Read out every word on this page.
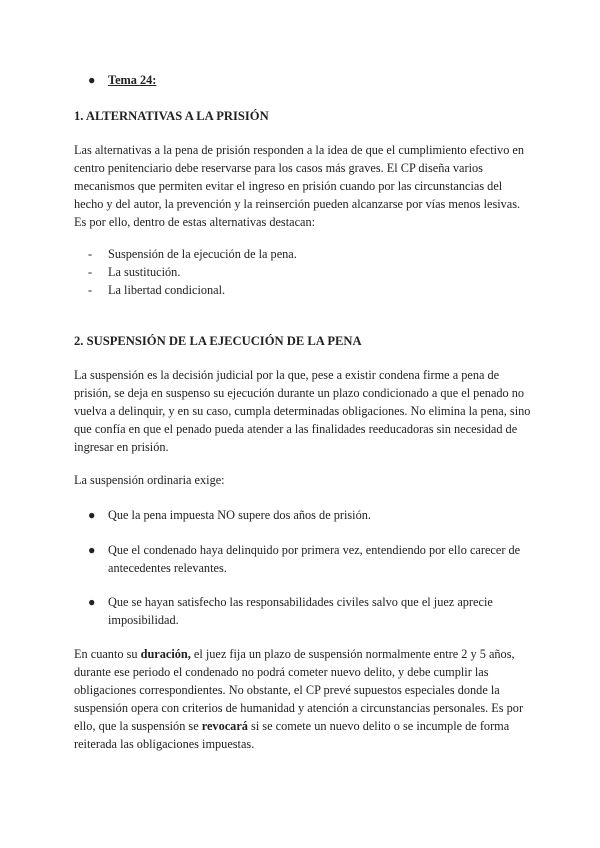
●	Tema 24:
1. ALTERNATIVAS A LA PRISIÓN

Las alternativas a la pena de prisión responden a la idea de que el cumplimiento efectivo en centro penitenciario debe reservarse para los casos más graves. El CP diseña varios mecanismos que permiten evitar el ingreso en prisión cuando por las circunstancias del hecho y del autor, la prevención y la reinserción pueden alcanzarse por vías menos lesivas. Es por ello, dentro de estas alternativas destacan:

- Suspensión de la ejecución de la pena.
- La sustitución.
- La libertad condicional.
2. SUSPENSIÓN DE LA EJECUCIÓN DE LA PENA

La suspensión es la decisión judicial por la que, pese a existir condena firme a pena de prisión, se deja en suspenso su ejecución durante un plazo condicionado a que el penado no vuelva a delinquir, y en su caso, cumpla determinadas obligaciones. No elimina la pena, sino que confía en que el penado pueda atender a las finalidades reeducadoras sin necesidad de ingresar en prisión.

La suspensión ordinaria exige:

●	Que la pena impuesta NO supere dos años de prisión.
●	Que el condenado haya delinquido por primera vez, entendiendo por ello carecer de antecedentes relevantes.
●	Que se hayan satisfecho las responsabilidades civiles salvo que el juez aprecie imposibilidad.

En cuanto su duración, el juez fija un plazo de suspensión normalmente entre 2 y 5 años, durante ese periodo el condenado no podrá cometer nuevo delito, y debe cumplir las obligaciones correspondientes. No obstante, el CP prevé supuestos especiales donde la suspensión opera con criterios de humanidad y atención a circunstancias personales. Es por ello, que la suspensión se revocará si se comete un nuevo delito o se incumple de forma reiterada las obligaciones impuestas.
